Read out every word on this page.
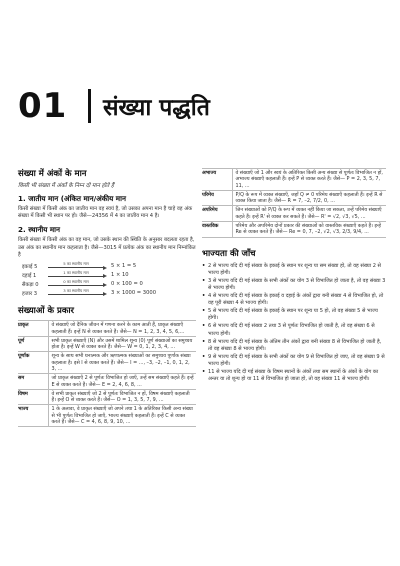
01	संख्या पद्धति
संख्या में अंकों के मान
किसी भी संख्या में अंकों के निम्न दो मान होते हैं
1. जातीय मान (अंकित मान/अंकीय मान
किसी संख्या में किसी अंक का जातीय मान वह स्वयं है, जो उसका अपना मान है चाहे वह अंक संख्या में किसी भी स्थान पर हो। जैसे—24356 में 4 का जातीय मान 4 है।
2. स्थानीय मान
किसी संख्या में किसी अंक का वह मान, जो उसके स्थान की स्थिति के अनुसार बदलता रहता है, उस अंक का स्थानीय मान कहलाता है। जैसे—3015 में प्रत्येक अंक का स्थानीय मान निम्नांकित है
इकाई 5
5 का स्थानीय मान	5 × 1 = 5
दहाई 1
1 का स्थानीय मान	1 × 10
सैकड़ा 0
0 का स्थानीय मान	0 × 100 = 0
हजार 3
3 का स्थानीय मान	3 × 1000 = 3000
संख्याओं के प्रकार
प्राकृत	वे संख्याएँ जो दैनिक जीवन में गणना करने के काम आती हैं, प्राकृत संख्याएँ कहलाती हैं। इन्हें N से व्यक्त करते हैं। जैसे— N = 1, 2, 3, 4, 5, 6,...
पूर्ण	सभी प्राकृत संख्याएँ (N) और उसमें शामिल शून्य (0) पूर्ण संख्याओं का समुच्चय होता है। इन्हें W से व्यक्त करते हैं। जैसे— W = 0, 1, 2, 3, 4, ...
पूर्णांक	शून्य के साथ सभी धनात्मक और ऋणात्मक संख्याओं का समुच्चय पूर्णांक संख्या कहलाता है। इसे I से व्यक्त करते हैं। जैसे— I = ..., –3, –2, –1, 0, 1, 2, 3, ...
सम	जो प्राकृत संख्याएँ 2 से पूर्णतः विभाजित हो जाएँ, उन्हें सम संख्याएँ कहते हैं। इन्हें E से व्यक्त करते हैं। जैसे— E = 2, 4, 6, 8, ...
विषम	वे सभी प्राकृत संख्याएँ जो 2 से पूर्णतः विभाजित न हों, विषम संख्याएँ कहलाती हैं। इन्हें O से व्यक्त करते हैं। जैसे— O = 1, 3, 5, 7, 9, ...
भाज्य	1 के अलावा, वे प्राकृत संख्याएँ जो अपने तथा 1 के अतिरिक्त किसी अन्य संख्या से भी पूर्णतः विभाजित हो जाएँ, भाज्य संख्याएँ कहलाती हैं। इन्हें C से व्यक्त करते हैं। जैसे— C = 4, 6, 8, 9, 10, ...
अभाज्य	वे संख्याएँ जो 1 और स्वयं के अतिरिक्त किसी अन्य संख्या से पूर्णतः विभाजित न हों, अभाज्य संख्याएँ कहलाती हैं। इन्हें P से व्यक्त करते हैं। जैसे— P = 2, 3, 5, 7, 11, ...
परिमेय	P/Q के रूप में व्यक्त संख्याएँ, जहाँ Q ≠ 0 परिमेय संख्याएँ कहलाती हैं। इन्हें R से व्यक्त किया जाता है। जैसे— R = 7, –2, 7/2, 0, ...
अपरिमेय	जिन संख्याओं को P/Q के रूप में व्यक्त नहीं किया जा सकता, उन्हें परिमेय संख्याएँ कहते हैं। इन्हें R' से व्यक्त कर सकते हैं। जैसे— R' = √2, √3, √5, ...
वास्तविक	परिमेय और अपरिमेय दोनों प्रकार की संख्याओं को वास्तविक संख्याएँ कहते हैं। इन्हें Re से व्यक्त करते हैं। जैसे— Re = 0, 7, –2, √2, √3, 2/3, 9/4, ...
भाज्यता की जाँच
• 2 से भाज्य यदि दी गई संख्या के इकाई के स्थान पर शून्य या सम संख्या हो, तो वह संख्या 2 से भाज्य होगी।
• 3 से भाज्य यदि दी गई संख्या के सभी अंकों का योग 3 से विभाजित हो जाता है, तो वह संख्या 3 से भाज्य होगी।
• 4 से भाज्य यदि दी गई संख्या के इकाई व दहाई के अंकों द्वारा बनी संख्या 4 से विभाजित हो, तो वह पूरी संख्या 4 से भाज्य होगी।
• 5 से भाज्य यदि दी गई संख्या के इकाई के स्थान पर शून्य या 5 हो, तो वह संख्या 5 से भाज्य होगी।
• 6 से भाज्य यदि दी गई संख्या 2 तथा 3 से पूर्णतः विभाजित हो जाती है, तो वह संख्या 6 से भाज्य होगी।
• 8 से भाज्य यदि दी गई संख्या के अंतिम तीन अंकों द्वारा बनी संख्या 8 से विभाजित हो जाती है, तो वह संख्या 8 से भाज्य होगी।
• 9 से भाज्य यदि दी गई संख्या के सभी अंकों का योग 9 से विभाजित हो जाए, तो वह संख्या 9 से भाज्य होगी।
• 11 से भाज्य यदि दी गई संख्या के विषम स्थानों के अंकों तथा सम स्थानों के अंकों के योग का अन्तर या तो शून्य हो या 11 से विभाजित हो जाता हो, तो वह संख्या 11 से भाज्य होगी।
